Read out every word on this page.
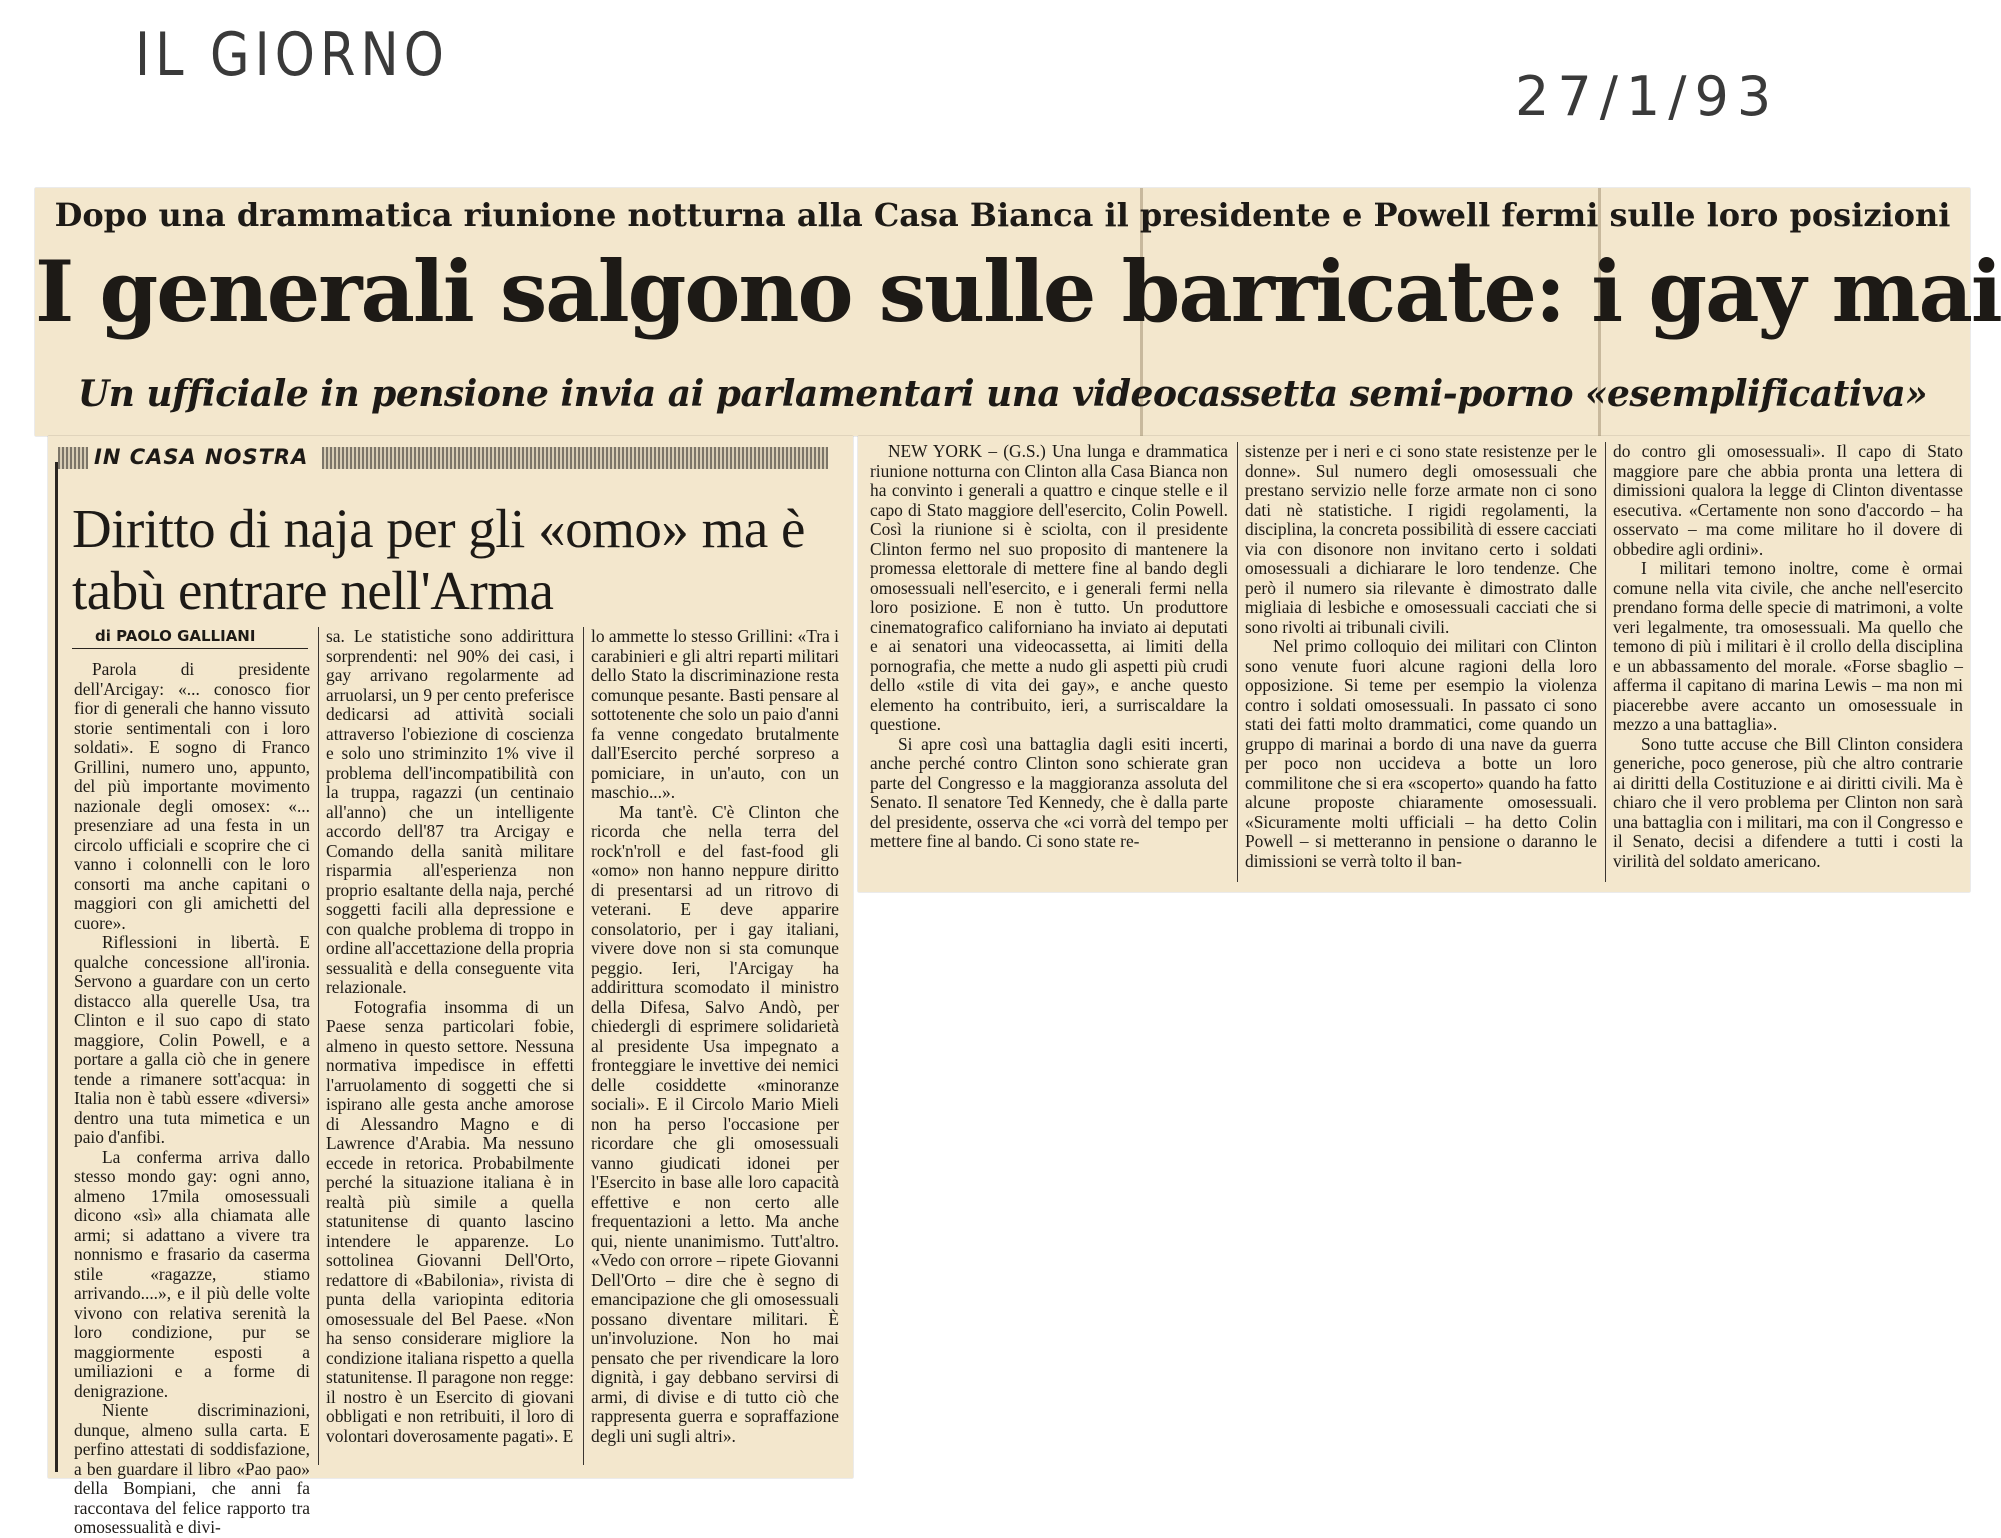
IL GIORNO
27/1/93
Dopo una drammatica riunione notturna alla Casa Bianca il presidente e Powell fermi sulle loro posizioni
I generali salgono sulle barricate: i gay mai
Un ufficiale in pensione invia ai parlamentari una videocassetta semi-porno «esemplificativa»
IN CASA NOSTRA
Diritto di naja per gli «omo» ma è tabù entrare nell'Arma
di PAOLO GALLIANI

Parola di presidente dell'Arcigay: «... conosco fior fior di generali che hanno vissuto storie sentimentali con i loro soldati». E sogno di Franco Grillini, numero uno, appunto, del più importante movimento nazionale degli omosex: «... presenziare ad una festa in un circolo ufficiali e scoprire che ci vanno i colonnelli con le loro consorti ma anche capitani o maggiori con gli amichetti del cuore».

Riflessioni in libertà. E qualche concessione all'ironia. Servono a guardare con un certo distacco alla querelle Usa, tra Clinton e il suo capo di stato maggiore, Colin Powell, e a portare a galla ciò che in genere tende a rimanere sott'acqua: in Italia non è tabù essere «diversi» dentro una tuta mimetica e un paio d'anfibi.

La conferma arriva dallo stesso mondo gay: ogni anno, almeno 17mila omosessuali dicono «sì» alla chiamata alle armi; si adattano a vivere tra nonnismo e frasario da caserma stile «ragazze, stiamo arrivando....», e il più delle volte vivono con relativa serenità la loro condizione, pur se maggiormente esposti a umiliazioni e a forme di denigrazione.

Niente discriminazioni, dunque, almeno sulla carta. E perfino attestati di soddisfazione, a ben guardare il libro «Pao pao» della Bompiani, che anni fa raccontava del felice rapporto tra omosessualità e divi-

sa. Le statistiche sono addirittura sorprendenti: nel 90% dei casi, i gay arrivano regolarmente ad arruolarsi, un 9 per cento preferisce dedicarsi ad attività sociali attraverso l'obiezione di coscienza e solo uno striminzito 1% vive il problema dell'incompatibilità con la truppa, ragazzi (un centinaio all'anno) che un intelligente accordo dell'87 tra Arcigay e Comando della sanità militare risparmia all'esperienza non proprio esaltante della naja, perché soggetti facili alla depressione e con qualche problema di troppo in ordine all'accettazione della propria sessualità e della conseguente vita relazionale.

Fotografia insomma di un Paese senza particolari fobie, almeno in questo settore. Nessuna normativa impedisce in effetti l'arruolamento di soggetti che si ispirano alle gesta anche amorose di Alessandro Magno e di Lawrence d'Arabia. Ma nessuno eccede in retorica. Probabilmente perché la situazione italiana è in realtà più simile a quella statunitense di quanto lascino intendere le apparenze. Lo sottolinea Giovanni Dell'Orto, redattore di «Babilonia», rivista di punta della variopinta editoria omosessuale del Bel Paese. «Non ha senso considerare migliore la condizione italiana rispetto a quella statunitense. Il paragone non regge: il nostro è un Esercito di giovani obbligati e non retribuiti, il loro di volontari doverosamente pagati». E

lo ammette lo stesso Grillini: «Tra i carabinieri e gli altri reparti militari dello Stato la discriminazione resta comunque pesante. Basti pensare al sottotenente che solo un paio d'anni fa venne congedato brutalmente dall'Esercito perché sorpreso a pomiciare, in un'auto, con un maschio...».

Ma tant'è. C'è Clinton che ricorda che nella terra del rock'n'roll e del fast-food gli «omo» non hanno neppure diritto di presentarsi ad un ritrovo di veterani. E deve apparire consolatorio, per i gay italiani, vivere dove non si sta comunque peggio. Ieri, l'Arcigay ha addirittura scomodato il ministro della Difesa, Salvo Andò, per chiedergli di esprimere solidarietà al presidente Usa impegnato a fronteggiare le invettive dei nemici delle cosiddette «minoranze sociali». E il Circolo Mario Mieli non ha perso l'occasione per ricordare che gli omosessuali vanno giudicati idonei per l'Esercito in base alle loro capacità effettive e non certo alle frequentazioni a letto. Ma anche qui, niente unanimismo. Tutt'altro. «Vedo con orrore – ripete Giovanni Dell'Orto – dire che è segno di emancipazione che gli omosessuali possano diventare militari. È un'involuzione. Non ho mai pensato che per rivendicare la loro dignità, i gay debbano servirsi di armi, di divise e di tutto ciò che rappresenta guerra e sopraffazione degli uni sugli altri».

NEW YORK – (G.S.) Una lunga e drammatica riunione notturna con Clinton alla Casa Bianca non ha convinto i generali a quattro e cinque stelle e il capo di Stato maggiore dell'esercito, Colin Powell. Così la riunione si è sciolta, con il presidente Clinton fermo nel suo proposito di mantenere la promessa elettorale di mettere fine al bando degli omosessuali nell'esercito, e i generali fermi nella loro posizione. E non è tutto. Un produttore cinematografico californiano ha inviato ai deputati e ai senatori una videocassetta, ai limiti della pornografia, che mette a nudo gli aspetti più crudi dello «stile di vita dei gay», e anche questo elemento ha contribuito, ieri, a surriscaldare la questione.

Si apre così una battaglia dagli esiti incerti, anche perché contro Clinton sono schierate gran parte del Congresso e la maggioranza assoluta del Senato. Il senatore Ted Kennedy, che è dalla parte del presidente, osserva che «ci vorrà del tempo per mettere fine al bando. Ci sono state re-

sistenze per i neri e ci sono state resistenze per le donne». Sul numero degli omosessuali che prestano servizio nelle forze armate non ci sono dati nè statistiche. I rigidi regolamenti, la disciplina, la concreta possibilità di essere cacciati via con disonore non invitano certo i soldati omosessuali a dichiarare le loro tendenze. Che però il numero sia rilevante è dimostrato dalle migliaia di lesbiche e omosessuali cacciati che si sono rivolti ai tribunali civili.

Nel primo colloquio dei militari con Clinton sono venute fuori alcune ragioni della loro opposizione. Si teme per esempio la violenza contro i soldati omosessuali. In passato ci sono stati dei fatti molto drammatici, come quando un gruppo di marinai a bordo di una nave da guerra per poco non uccideva a botte un loro commilitone che si era «scoperto» quando ha fatto alcune proposte chiaramente omosessuali. «Sicuramente molti ufficiali – ha detto Colin Powell – si metteranno in pensione o daranno le dimissioni se verrà tolto il ban-

do contro gli omosessuali». Il capo di Stato maggiore pare che abbia pronta una lettera di dimissioni qualora la legge di Clinton diventasse esecutiva. «Certamente non sono d'accordo – ha osservato – ma come militare ho il dovere di obbedire agli ordini».

I militari temono inoltre, come è ormai comune nella vita civile, che anche nell'esercito prendano forma delle specie di matrimoni, a volte veri legalmente, tra omosessuali. Ma quello che temono di più i militari è il crollo della disciplina e un abbassamento del morale. «Forse sbaglio – afferma il capitano di marina Lewis – ma non mi piacerebbe avere accanto un omosessuale in mezzo a una battaglia».

Sono tutte accuse che Bill Clinton considera generiche, poco generose, più che altro contrarie ai diritti della Costituzione e ai diritti civili. Ma è chiaro che il vero problema per Clinton non sarà una battaglia con i militari, ma con il Congresso e il Senato, decisi a difendere a tutti i costi la virilità del soldato americano.
